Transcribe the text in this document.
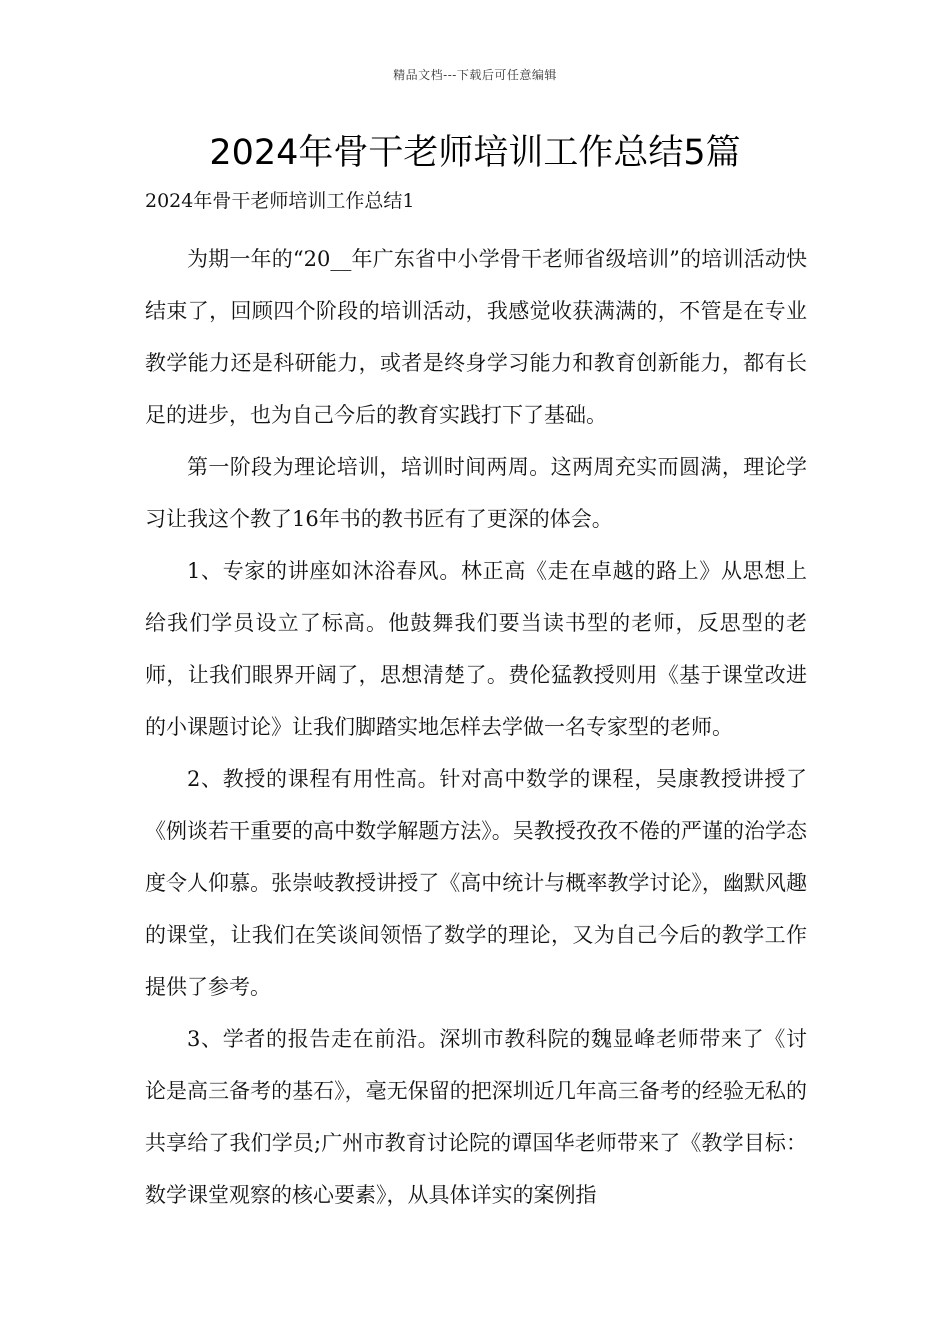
精品文档---下载后可任意编辑
2024年骨干老师培训工作总结5篇

2024年骨干老师培训工作总结1

为期一年的“20__年广东省中小学骨干老师省级培训”的培训活动快结束了，回顾四个阶段的培训活动，我感觉收获满满的，不管是在专业教学能力还是科研能力，或者是终身学习能力和教育创新能力，都有长足的进步，也为自己今后的教育实践打下了基础。

第一阶段为理论培训，培训时间两周。这两周充实而圆满，理论学习让我这个教了16年书的教书匠有了更深的体会。

1、专家的讲座如沐浴春风。林正高《走在卓越的路上》从思想上给我们学员设立了标高。他鼓舞我们要当读书型的老师，反思型的老师，让我们眼界开阔了，思想清楚了。费伦猛教授则用《基于课堂改进的小课题讨论》让我们脚踏实地怎样去学做一名专家型的老师。

2、教授的课程有用性高。针对高中数学的课程，吴康教授讲授了《例谈若干重要的高中数学解题方法》。吴教授孜孜不倦的严谨的治学态度令人仰慕。张崇岐教授讲授了《高中统计与概率教学讨论》，幽默风趣的课堂，让我们在笑谈间领悟了数学的理论，又为自己今后的教学工作提供了参考。

3、学者的报告走在前沿。深圳市教科院的魏显峰老师带来了《讨论是高三备考的基石》，毫无保留的把深圳近几年高三备考的经验无私的共享给了我们学员;广州市教育讨论院的谭国华老师带来了《教学目标：数学课堂观察的核心要素》，从具体详实的案例指
